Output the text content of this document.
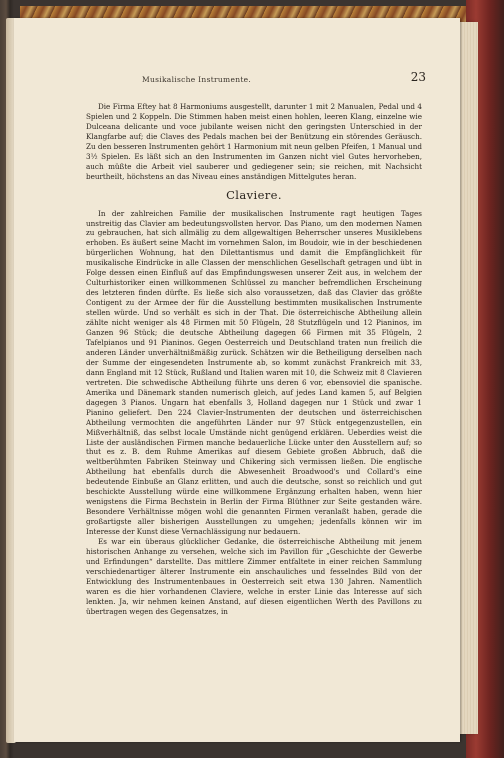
Musikalische Instrumente.	23

Die Firma Eftey hat 8 Harmoniums ausgestellt, darunter 1 mit 2 Manualen, Pedal und 4 Spielen und 2 Koppeln. Die Stimmen haben meist einen hohlen, leeren Klang, einzelne wie Dulceana delicante und voce jubilante weisen nicht den geringsten Unterschied in der Klangfarbe auf; die Claves des Pedals machen bei der Benützung ein störendes Geräusch. Zu den besseren Instrumenten gehört 1 Harmonium mit neun gelben Pfeifen, 1 Manual und 3½ Spielen. Es läßt sich an den Instrumenten im Ganzen nicht viel Gutes hervorheben, auch müßte die Arbeit viel sauberer und gediegener sein; sie reichen, mit Nachsicht beurtheilt, höchstens an das Niveau eines anständigen Mittelgutes heran.

Claviere.

In der zahlreichen Familie der musikalischen Instrumente ragt heutigen Tages unstreitig das Clavier am bedeutungsvollsten hervor. Das Piano, um den modernen Namen zu gebrauchen, hat sich allmälig zu dem allgewaltigen Beherrscher unseres Musiklebens erhoben. Es äußert seine Macht im vornehmen Salon, im Boudoir, wie in der beschiedenen bürgerlichen Wohnung, hat den Dilettantismus und damit die Empfänglichkeit für musikalische Eindrücke in alle Classen der menschlichen Gesellschaft getragen und übt in Folge dessen einen Einfluß auf das Empfindungswesen unserer Zeit aus, in welchem der Culturhistoriker einen willkommenen Schlüssel zu mancher befremdlichen Erscheinung des letzteren finden dürfte. Es ließe sich also voraussetzen, daß das Clavier das größte Contigent zu der Armee der für die Ausstellung bestimmten musikalischen Instrumente stellen würde. Und so verhält es sich in der That. Die österreichische Abtheilung allein zählte nicht weniger als 48 Firmen mit 50 Flügeln, 28 Stutzflügeln und 12 Pianinos, im Ganzen 96 Stück; die deutsche Abtheilung dagegen 66 Firmen mit 35 Flügeln, 2 Tafelpianos und 91 Pianinos. Gegen Oesterreich und Deutschland traten nun freilich die anderen Länder unverhältnißmäßig zurück. Schätzen wir die Betheiligung derselben nach der Summe der eingesendeten Instrumente ab, so kommt zunächst Frankreich mit 33, dann England mit 12 Stück, Rußland und Italien waren mit 10, die Schweiz mit 8 Clavieren vertreten. Die schwedische Abtheilung führte uns deren 6 vor, ebensoviel die spanische. Amerika und Dänemark standen numerisch gleich, auf jedes Land kamen 5, auf Belgien dagegen 3 Pianos. Ungarn hat ebenfalls 3, Holland dagegen nur 1 Stück und zwar 1 Pianino geliefert. Den 224 Clavier-Instrumenten der deutschen und österreichischen Abtheilung vermochten die angeführten Länder nur 97 Stück entgegenzustellen, ein Mißverhältniß, das selbst locale Umstände nicht genügend erklären. Ueberdies weist die Liste der ausländischen Firmen manche bedauerliche Lücke unter den Ausstellern auf; so thut es z. B. dem Ruhme Amerikas auf diesem Gebiete großen Abbruch, daß die weltberühmten Fabriken Steinway und Chikering sich vermissen ließen. Die englische Abtheilung hat ebenfalls durch die Abwesenheit Broadwood's und Collard's eine bedeutende Einbuße an Glanz erlitten, und auch die deutsche, sonst so reichlich und gut beschickte Ausstellung würde eine willkommene Ergänzung erhalten haben, wenn hier wenigstens die Firma Bechstein in Berlin der Firma Blüthner zur Seite gestanden wäre. Besondere Verhältnisse mögen wohl die genannten Firmen veranlaßt haben, gerade die großartigste aller bisherigen Ausstellungen zu umgehen; jedenfalls können wir im Interesse der Kunst diese Vernachlässigung nur bedauern.

Es war ein überaus glücklicher Gedanke, die österreichische Abtheilung mit jenem historischen Anhange zu versehen, welche sich im Pavillon für „Geschichte der Gewerbe und Erfindungen“ darstellte. Das mittlere Zimmer entfaltete in einer reichen Sammlung verschiedenartiger älterer Instrumente ein anschauliches und fesselndes Bild von der Entwicklung des Instrumentenbaues in Oesterreich seit etwa 130 Jahren. Namentlich waren es die hier vorhandenen Claviere, welche in erster Linie das Interesse auf sich lenkten. Ja, wir nehmen keinen Anstand, auf diesen eigentlichen Werth des Pavillons zu übertragen wegen des Gegensatzes, in
